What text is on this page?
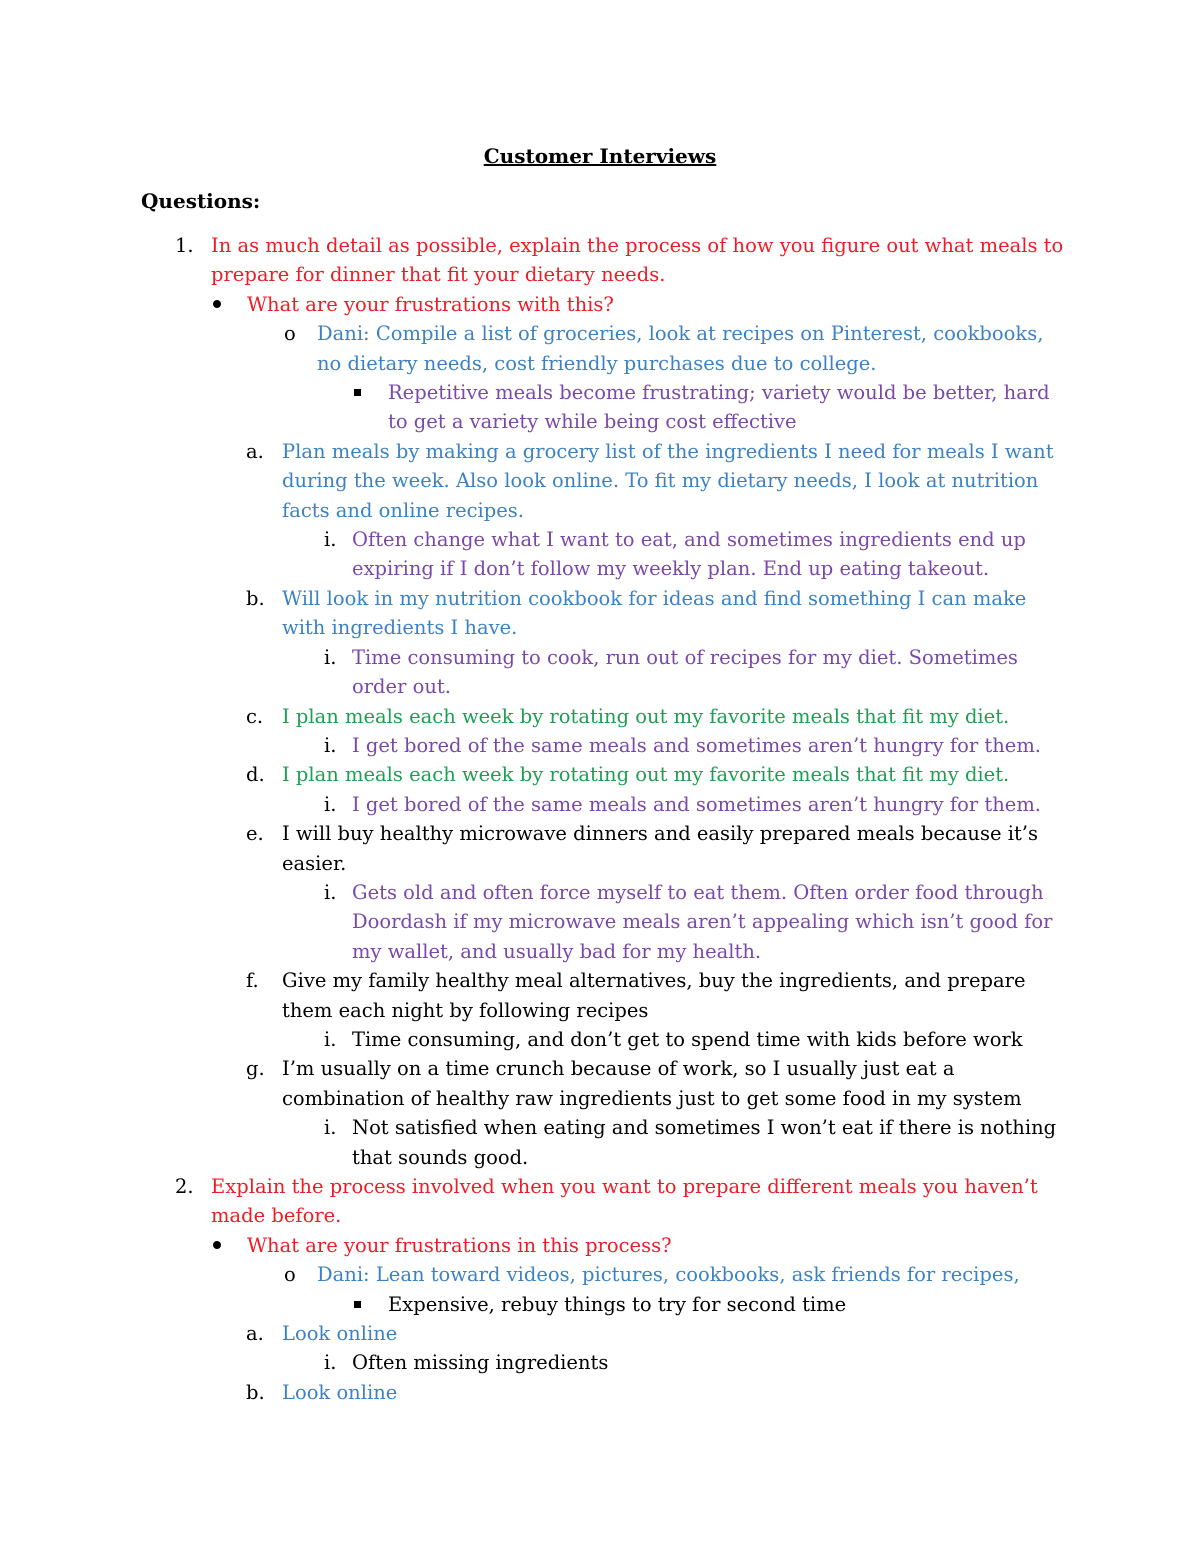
Customer Interviews
Questions:
1. In as much detail as possible, explain the process of how you figure out what meals to prepare for dinner that fit your dietary needs.
What are your frustrations with this?
o Dani: Compile a list of groceries, look at recipes on Pinterest, cookbooks, no dietary needs, cost friendly purchases due to college.
Repetitive meals become frustrating; variety would be better, hard to get a variety while being cost effective
a. Plan meals by making a grocery list of the ingredients I need for meals I want during the week. Also look online. To fit my dietary needs, I look at nutrition facts and online recipes.
i. Often change what I want to eat, and sometimes ingredients end up expiring if I don’t follow my weekly plan. End up eating takeout.
b. Will look in my nutrition cookbook for ideas and find something I can make with ingredients I have.
i. Time consuming to cook, run out of recipes for my diet. Sometimes order out.
c. I plan meals each week by rotating out my favorite meals that fit my diet.
i. I get bored of the same meals and sometimes aren’t hungry for them.
d. I plan meals each week by rotating out my favorite meals that fit my diet.
i. I get bored of the same meals and sometimes aren’t hungry for them.
e. I will buy healthy microwave dinners and easily prepared meals because it’s easier.
i. Gets old and often force myself to eat them. Often order food through Doordash if my microwave meals aren’t appealing which isn’t good for my wallet, and usually bad for my health.
f. Give my family healthy meal alternatives, buy the ingredients, and prepare them each night by following recipes
i. Time consuming, and don’t get to spend time with kids before work
g. I’m usually on a time crunch because of work, so I usually just eat a combination of healthy raw ingredients just to get some food in my system
i. Not satisfied when eating and sometimes I won’t eat if there is nothing that sounds good.
2. Explain the process involved when you want to prepare different meals you haven’t made before.
What are your frustrations in this process?
o Dani: Lean toward videos, pictures, cookbooks, ask friends for recipes,
Expensive, rebuy things to try for second time
a. Look online
i. Often missing ingredients
b. Look online
